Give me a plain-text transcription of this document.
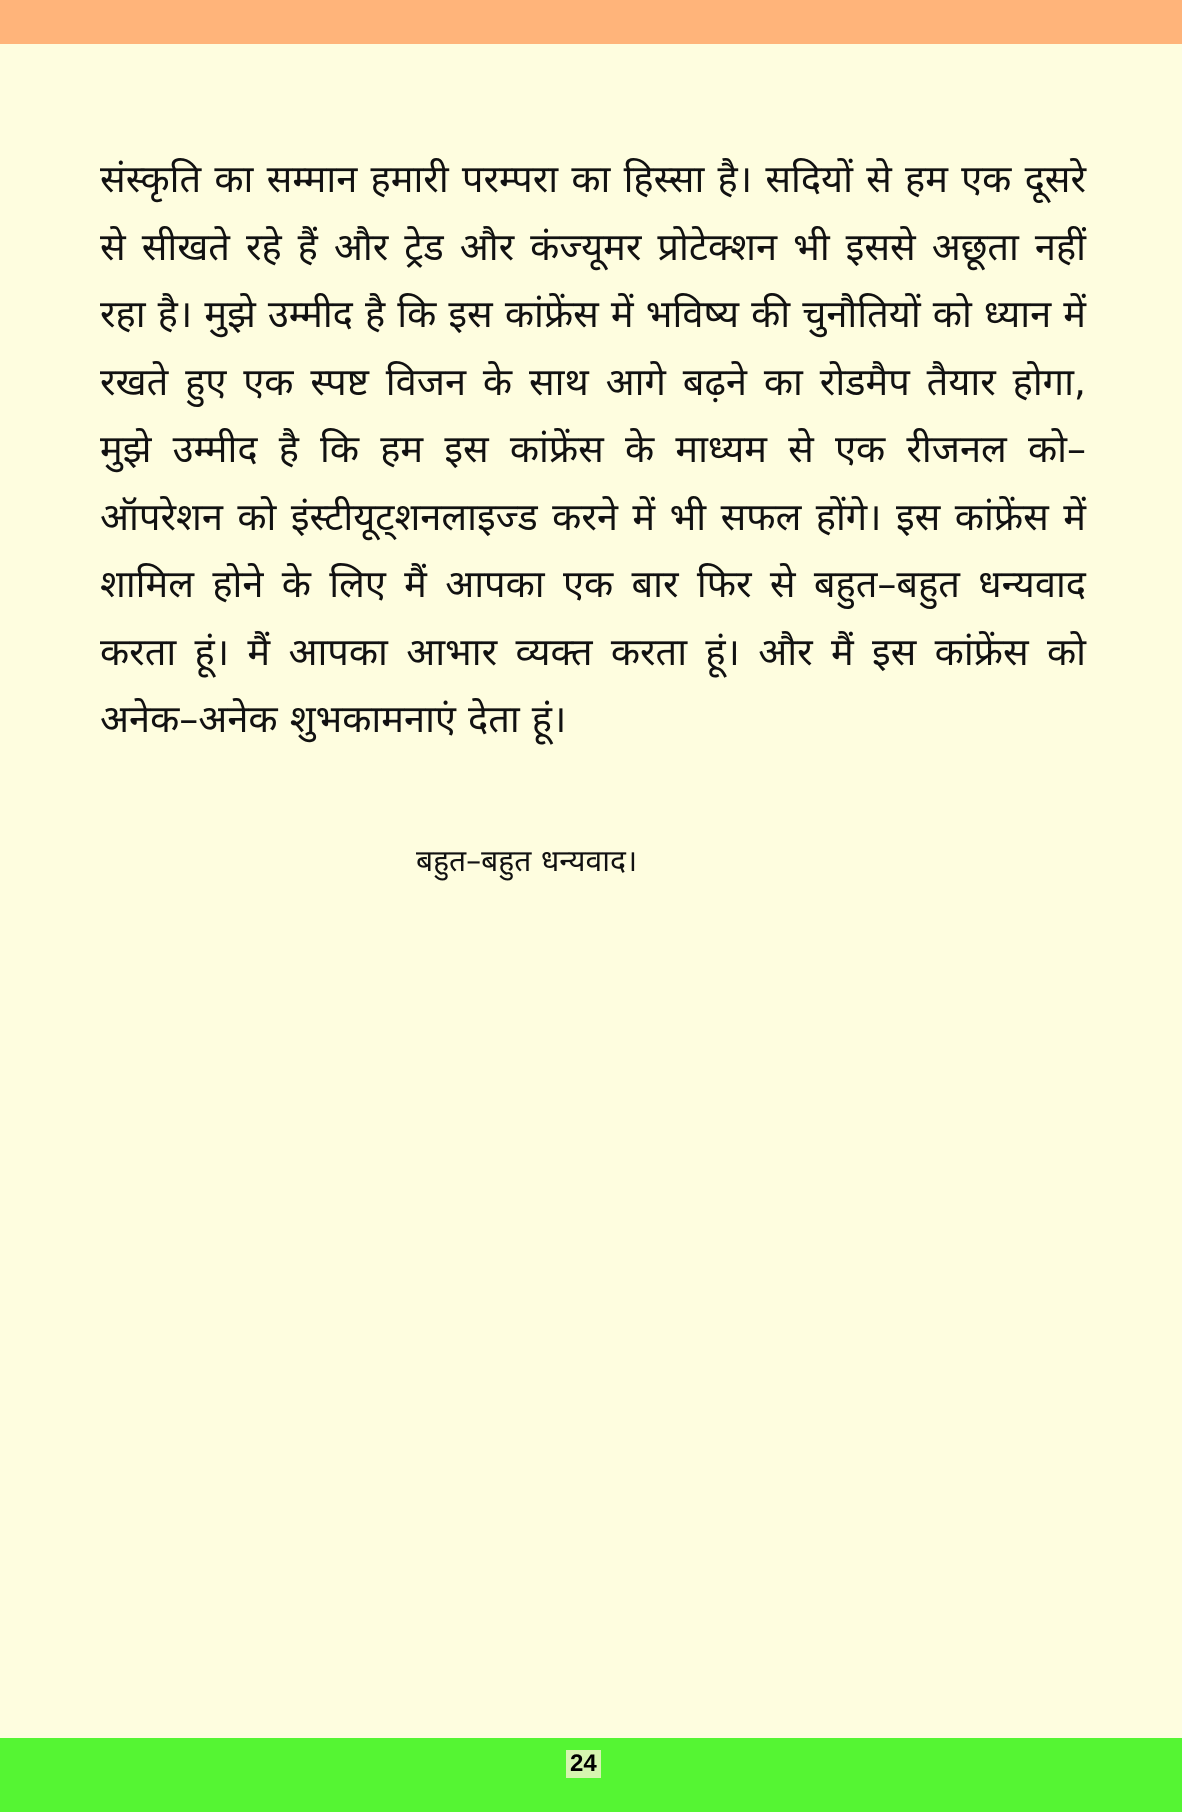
संस्कृति का सम्मान हमारी परम्परा का हिस्सा है। सदियों से हम एक दूसरे से सीखते रहे हैं और ट्रेड और कंज्यूमर प्रोटेक्शन भी इससे अछूता नहीं रहा है। मुझे उम्मीद है कि इस कांफ्रेंस में भविष्य की चुनौतियों को ध्यान में रखते हुए एक स्पष्ट विजन के साथ आगे बढ़ने का रोडमैप तैयार होगा, मुझे उम्मीद है कि हम इस कांफ्रेंस के माध्यम से एक रीजनल को–ऑपरेशन को इंस्टीयूट्शनलाइज्ड करने में भी सफल होंगे। इस कांफ्रेंस में शामिल होने के लिए मैं आपका एक बार फिर से बहुत–बहुत धन्यवाद करता हूं। मैं आपका आभार व्यक्त करता हूं। और मैं इस कांफ्रेंस को अनेक–अनेक शुभकामनाएं देता हूं।

बहुत–बहुत धन्यवाद।

24
